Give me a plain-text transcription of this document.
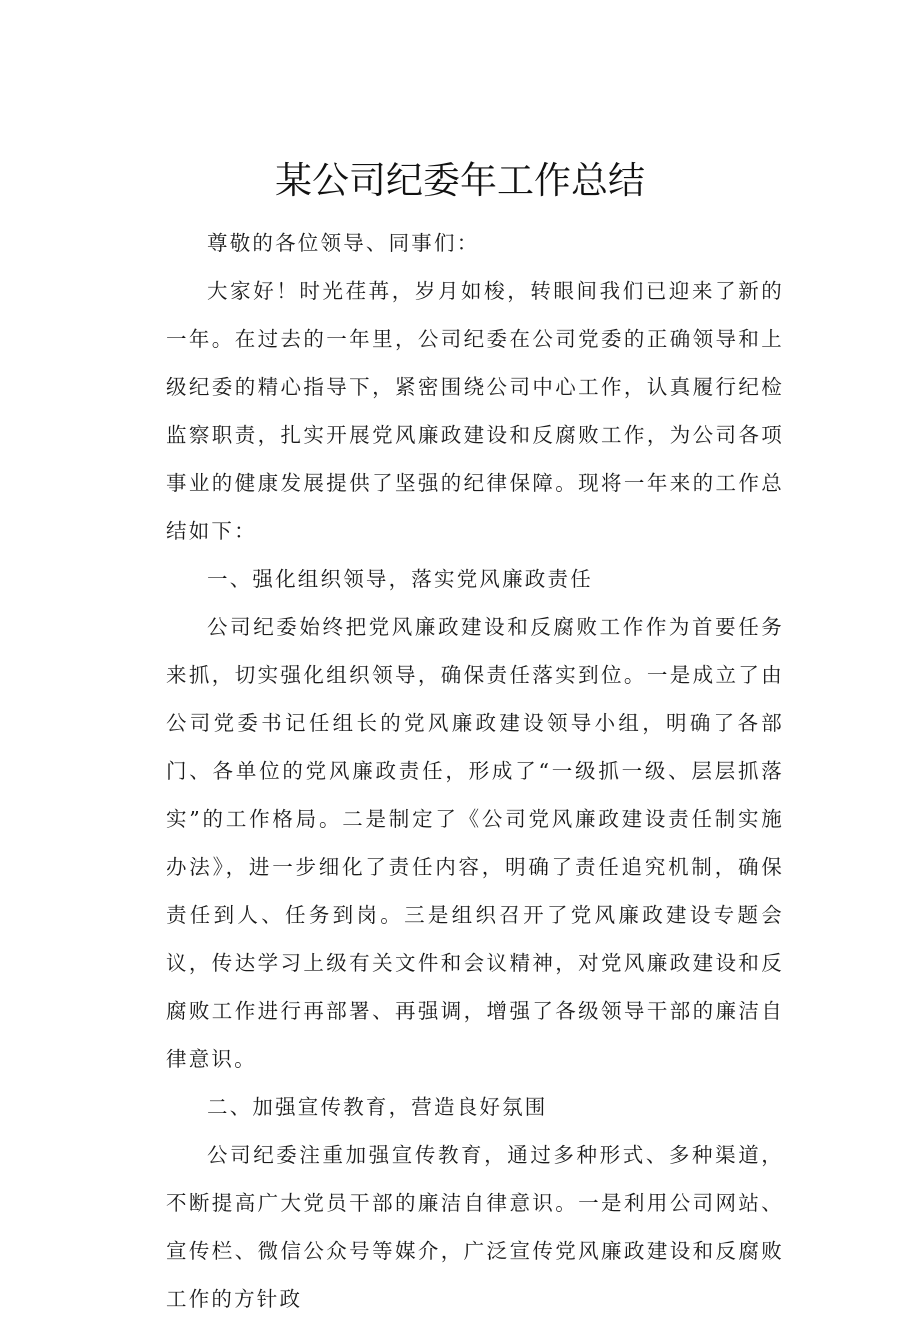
某公司纪委年工作总结

尊敬的各位领导、同事们：

大家好！时光荏苒，岁月如梭，转眼间我们已迎来了新的一年。在过去的一年里，公司纪委在公司党委的正确领导和上级纪委的精心指导下，紧密围绕公司中心工作，认真履行纪检监察职责，扎实开展党风廉政建设和反腐败工作，为公司各项事业的健康发展提供了坚强的纪律保障。现将一年来的工作总结如下：

一、强化组织领导，落实党风廉政责任

公司纪委始终把党风廉政建设和反腐败工作作为首要任务来抓，切实强化组织领导，确保责任落实到位。一是成立了由公司党委书记任组长的党风廉政建设领导小组，明确了各部门、各单位的党风廉政责任，形成了“一级抓一级、层层抓落实”的工作格局。二是制定了《公司党风廉政建设责任制实施办法》，进一步细化了责任内容，明确了责任追究机制，确保责任到人、任务到岗。三是组织召开了党风廉政建设专题会议，传达学习上级有关文件和会议精神，对党风廉政建设和反腐败工作进行再部署、再强调，增强了各级领导干部的廉洁自律意识。

二、加强宣传教育，营造良好氛围

公司纪委注重加强宣传教育，通过多种形式、多种渠道，不断提高广大党员干部的廉洁自律意识。一是利用公司网站、宣传栏、微信公众号等媒介，广泛宣传党风廉政建设和反腐败工作的方针政
